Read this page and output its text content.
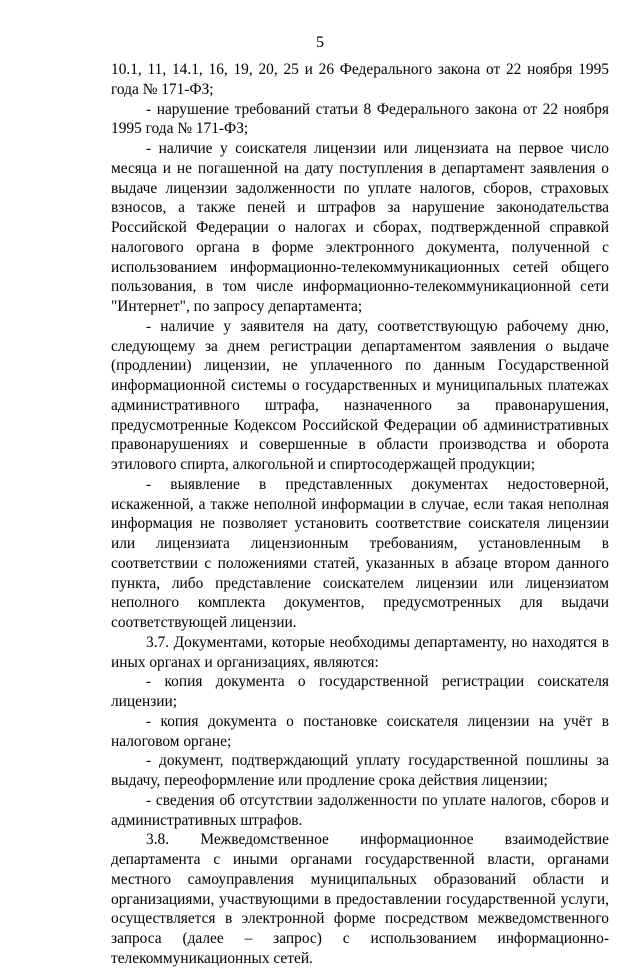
5

10.1, 11, 14.1, 16, 19, 20, 25 и 26 Федерального закона от 22 ноября 1995 года № 171-ФЗ;

- нарушение требований статьи 8 Федерального закона от 22 ноября 1995 года № 171-ФЗ;

- наличие у соискателя лицензии или лицензиата на первое число месяца и не погашенной на дату поступления в департамент заявления о выдаче лицензии задолженности по уплате налогов, сборов, страховых взносов, а также пеней и штрафов за нарушение законодательства Российской Федерации о налогах и сборах, подтвержденной справкой налогового органа в форме электронного документа, полученной с использованием информационно-телекоммуникационных сетей общего пользования, в том числе информационно-телекоммуникационной сети "Интернет", по запросу департамента;

- наличие у заявителя на дату, соответствующую рабочему дню, следующему за днем регистрации департаментом заявления о выдаче (продлении) лицензии, не уплаченного по данным Государственной информационной системы о государственных и муниципальных платежах административного штрафа, назначенного за правонарушения, предусмотренные Кодексом Российской Федерации об административных правонарушениях и совершенные в области производства и оборота этилового спирта, алкогольной и спиртосодержащей продукции;

- выявление в представленных документах недостоверной, искаженной, а также неполной информации в случае, если такая неполная информация не позволяет установить соответствие соискателя лицензии или лицензиата лицензионным требованиям, установленным в соответствии с положениями статей, указанных в абзаце втором данного пункта, либо представление соискателем лицензии или лицензиатом неполного комплекта документов, предусмотренных для выдачи соответствующей лицензии.

3.7. Документами, которые необходимы департаменту, но находятся в иных органах и организациях, являются:

- копия документа о государственной регистрации соискателя лицензии;

- копия документа о постановке соискателя лицензии на учёт в налоговом органе;

- документ, подтверждающий уплату государственной пошлины за выдачу, переоформление или продление срока действия лицензии;

- сведения об отсутствии задолженности по уплате налогов, сборов и административных штрафов.

3.8. Межведомственное информационное взаимодействие департамента с иными органами государственной власти, органами местного самоуправления муниципальных образований области и организациями, участвующими в предоставлении государственной услуги, осуществляется в электронной форме посредством межведомственного запроса (далее – запрос) с использованием информационно-телекоммуникационных сетей.
